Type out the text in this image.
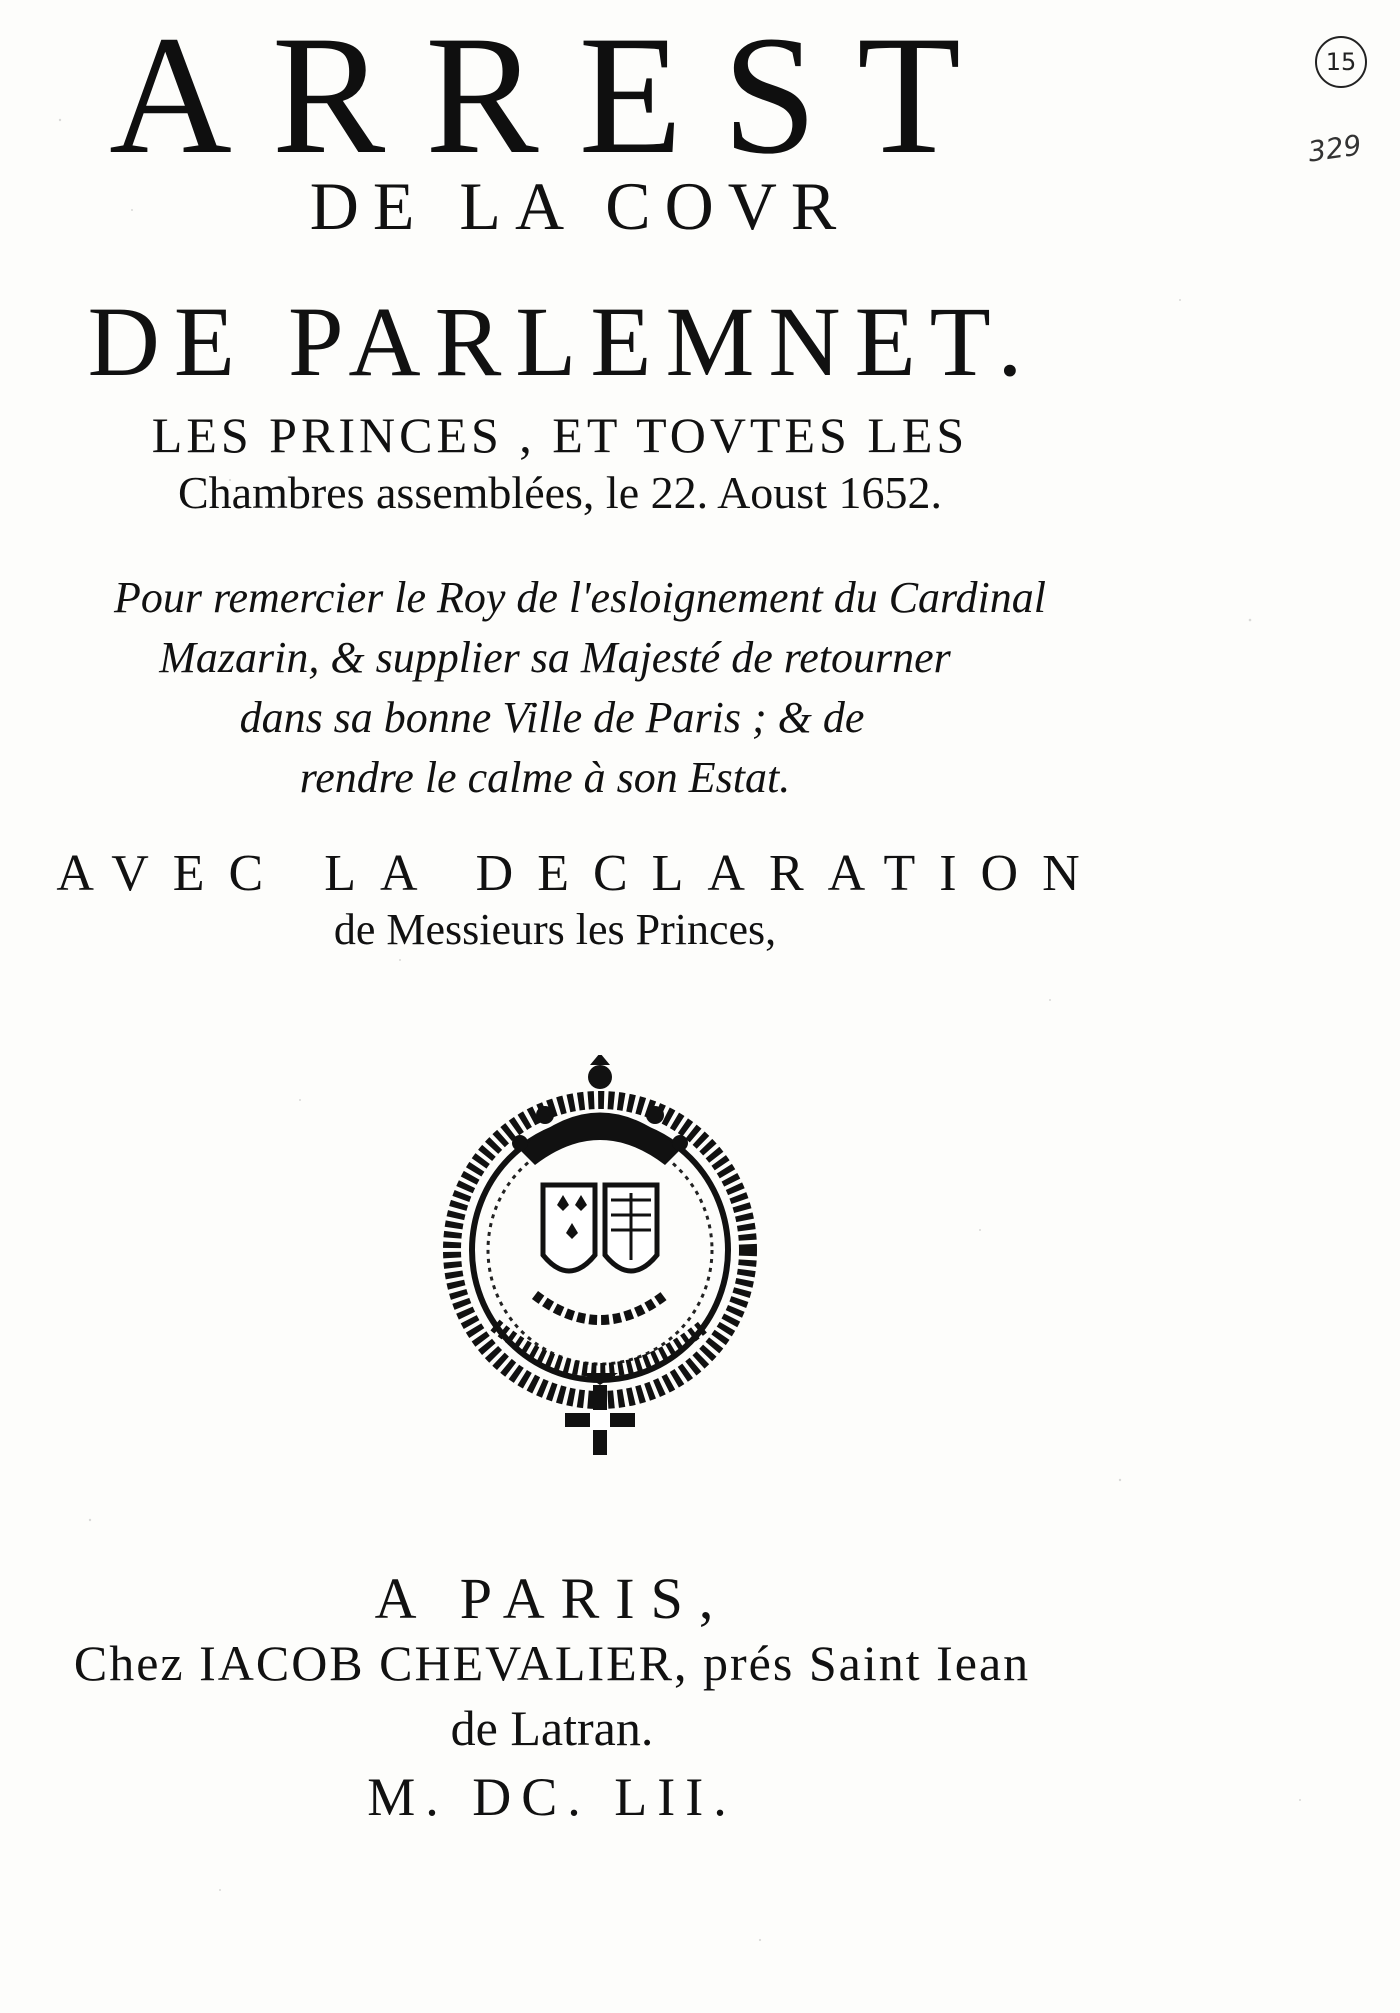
ARREST
DE LA COVR
DE PARLEMNET.
LES PRINCES , ET TOVTES LES
Chambres assemblées, le 22. Aoust 1652.
Pour remercier le Roy de l'esloignement du Cardinal
Mazarin, & supplier sa Majesté de retourner
dans sa bonne Ville de Paris ; & de
rendre le calme à son Estat.
AVEC LA DECLARATION
de Messieurs les Princes,
A PARIS,
Chez IACOB CHEVALIER, prés Saint Iean
de Latran.
M. DC. LII.
15
329
